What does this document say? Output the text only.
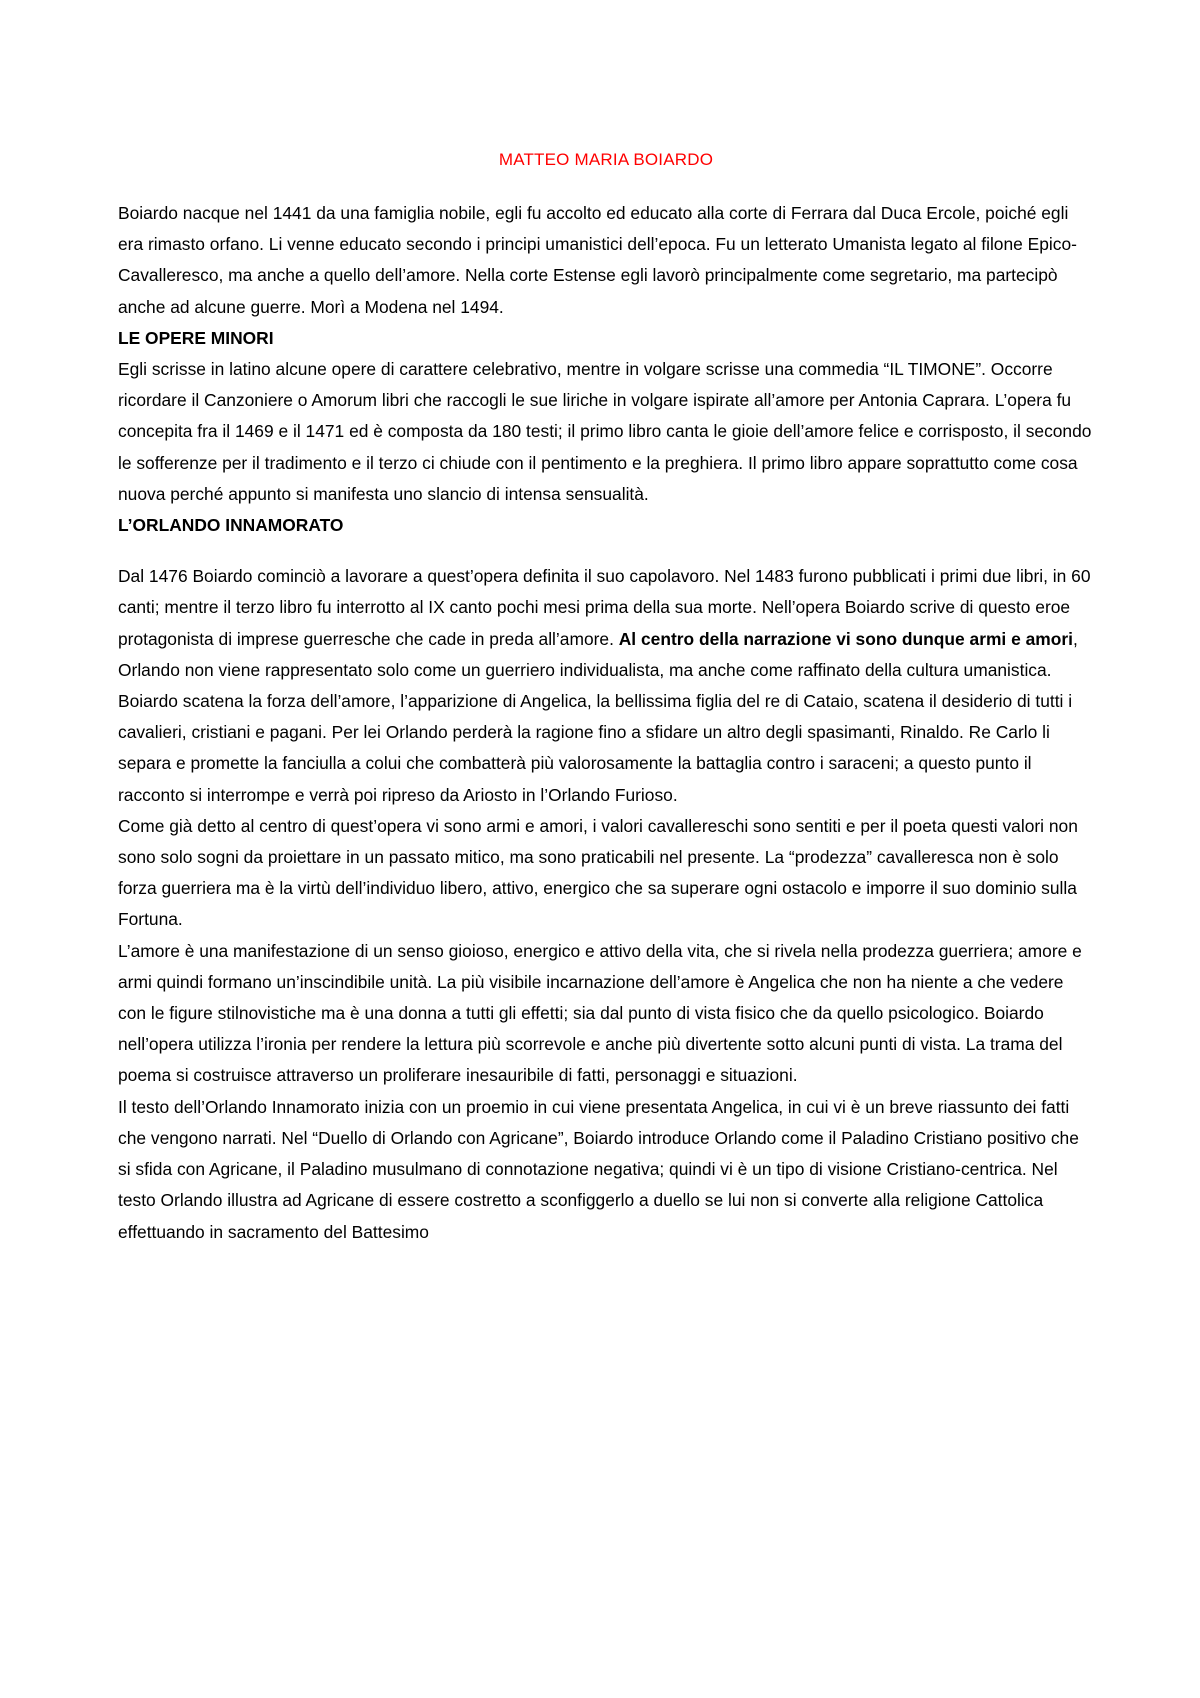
MATTEO MARIA BOIARDO

Boiardo nacque nel 1441 da una famiglia nobile, egli fu accolto ed educato alla corte di Ferrara dal Duca Ercole, poiché egli era rimasto orfano. Li venne educato secondo i principi umanistici dell’epoca. Fu un letterato Umanista legato al filone Epico-Cavalleresco, ma anche a quello dell’amore. Nella corte Estense egli lavorò principalmente come segretario, ma partecipò anche ad alcune guerre. Morì a Modena nel 1494.

LE OPERE MINORI

Egli scrisse in latino alcune opere di carattere celebrativo, mentre in volgare scrisse una commedia “IL TIMONE”. Occorre ricordare il Canzoniere o Amorum libri che raccogli le sue liriche in volgare ispirate all’amore per Antonia Caprara. L’opera fu concepita fra il 1469 e il 1471 ed è composta da 180 testi; il primo libro canta le gioie dell’amore felice e corrisposto, il secondo le sofferenze per il tradimento e il terzo ci chiude con il pentimento e la preghiera. Il primo libro appare soprattutto come cosa nuova perché appunto si manifesta uno slancio di intensa sensualità.

L’ORLANDO INNAMORATO

Dal 1476 Boiardo cominciò a lavorare a quest’opera definita il suo capolavoro. Nel 1483 furono pubblicati i primi due libri, in 60 canti; mentre il terzo libro fu interrotto al IX canto pochi mesi prima della sua morte. Nell’opera Boiardo scrive di questo eroe protagonista di imprese guerresche che cade in preda all’amore. Al centro della narrazione vi sono dunque armi e amori, Orlando non viene rappresentato solo come un guerriero individualista, ma anche come raffinato della cultura umanistica. Boiardo scatena la forza dell’amore, l’apparizione di Angelica, la bellissima figlia del re di Cataio, scatena il desiderio di tutti i cavalieri, cristiani e pagani. Per lei Orlando perderà la ragione fino a sfidare un altro degli spasimanti, Rinaldo. Re Carlo li separa e promette la fanciulla a colui che combatterà più valorosamente la battaglia contro i saraceni; a questo punto il racconto si interrompe e verrà poi ripreso da Ariosto in l’Orlando Furioso.

Come già detto al centro di quest’opera vi sono armi e amori, i valori cavallereschi sono sentiti e per il poeta questi valori non sono solo sogni da proiettare in un passato mitico, ma sono praticabili nel presente. La “prodezza” cavalleresca non è solo forza guerriera ma è la virtù dell’individuo libero, attivo, energico che sa superare ogni ostacolo e imporre il suo dominio sulla Fortuna.

L’amore è una manifestazione di un senso gioioso, energico e attivo della vita, che si rivela nella prodezza guerriera; amore e armi quindi formano un’inscindibile unità. La più visibile incarnazione dell’amore è Angelica che non ha niente a che vedere con le figure stilnovistiche ma è una donna a tutti gli effetti; sia dal punto di vista fisico che da quello psicologico. Boiardo nell’opera utilizza l’ironia per rendere la lettura più scorrevole e anche più divertente sotto alcuni punti di vista. La trama del poema si costruisce attraverso un proliferare inesauribile di fatti, personaggi e situazioni.

Il testo dell’Orlando Innamorato inizia con un proemio in cui viene presentata Angelica, in cui vi è un breve riassunto dei fatti che vengono narrati. Nel “Duello di Orlando con Agricane”, Boiardo introduce Orlando come il Paladino Cristiano positivo che si sfida con Agricane, il Paladino musulmano di connotazione negativa; quindi vi è un tipo di visione Cristiano-centrica. Nel testo Orlando illustra ad Agricane di essere costretto a sconfiggerlo a duello se lui non si converte alla religione Cattolica effettuando in sacramento del Battesimo
